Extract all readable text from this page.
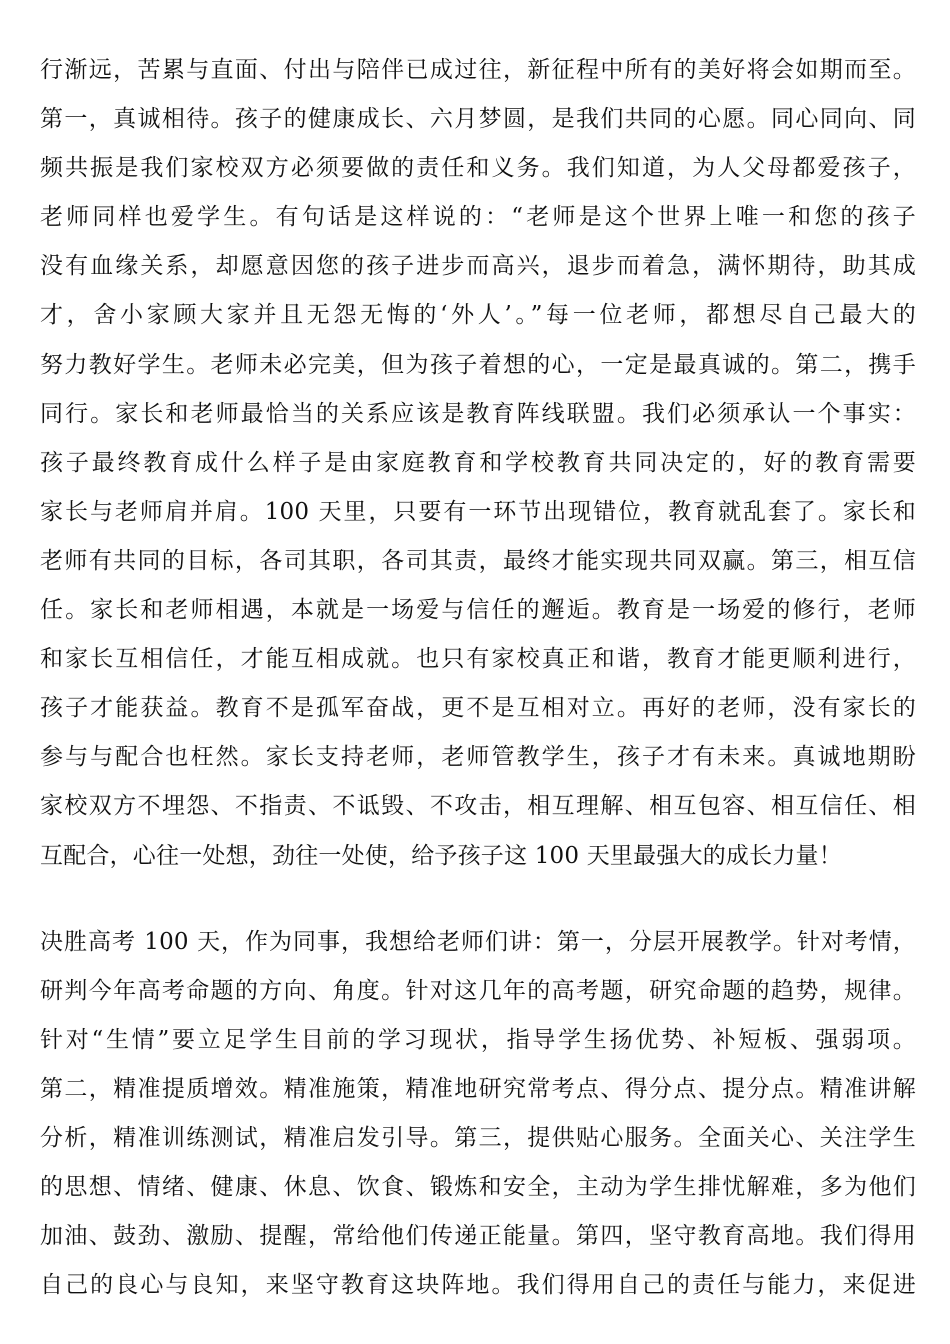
行渐远，苦累与直面、付出与陪伴已成过往，新征程中所有的美好将会如期而至。
第一，真诚相待。孩子的健康成长、六月梦圆，是我们共同的心愿。同心同向、同
频共振是我们家校双方必须要做的责任和义务。我们知道，为人父母都爱孩子，
老师同样也爱学生。有句话是这样说的：“老师是这个世界上唯一和您的孩子
没有血缘关系，却愿意因您的孩子进步而高兴，退步而着急，满怀期待，助其成
才，舍小家顾大家并且无怨无悔的‘外人’。”每一位老师，都想尽自己最大的
努力教好学生。老师未必完美，但为孩子着想的心，一定是最真诚的。第二，携手
同行。家长和老师最恰当的关系应该是教育阵线联盟。我们必须承认一个事实：
孩子最终教育成什么样子是由家庭教育和学校教育共同决定的，好的教育需要
家长与老师肩并肩。100 天里，只要有一环节出现错位，教育就乱套了。家长和
老师有共同的目标，各司其职，各司其责，最终才能实现共同双赢。第三，相互信
任。家长和老师相遇，本就是一场爱与信任的邂逅。教育是一场爱的修行，老师
和家长互相信任，才能互相成就。也只有家校真正和谐，教育才能更顺利进行，
孩子才能获益。教育不是孤军奋战，更不是互相对立。再好的老师，没有家长的
参与与配合也枉然。家长支持老师，老师管教学生，孩子才有未来。真诚地期盼
家校双方不埋怨、不指责、不诋毁、不攻击，相互理解、相互包容、相互信任、相
互配合，心往一处想，劲往一处使，给予孩子这 100 天里最强大的成长力量！
决胜高考 100 天，作为同事，我想给老师们讲：第一，分层开展教学。针对考情，
研判今年高考命题的方向、角度。针对这几年的高考题，研究命题的趋势，规律。
针对“生情”要立足学生目前的学习现状，指导学生扬优势、补短板、强弱项。
第二，精准提质增效。精准施策，精准地研究常考点、得分点、提分点。精准讲解
分析，精准训练测试，精准启发引导。第三，提供贴心服务。全面关心、关注学生
的思想、情绪、健康、休息、饮食、锻炼和安全，主动为学生排忧解难，多为他们
加油、鼓劲、激励、提醒，常给他们传递正能量。第四，坚守教育高地。我们得用
自己的良心与良知，来坚守教育这块阵地。我们得用自己的责任与能力，来促进
